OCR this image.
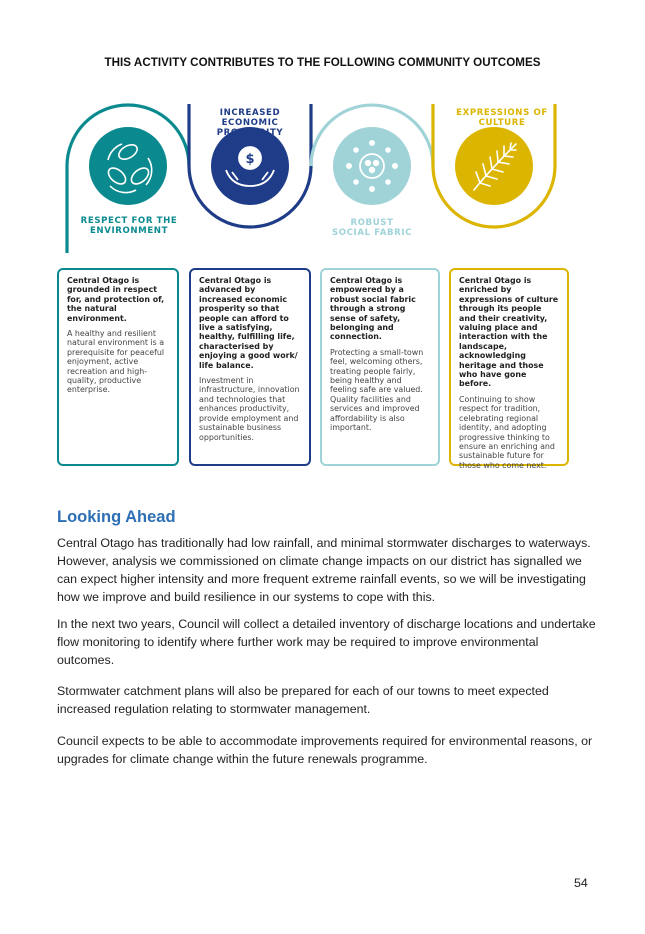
THIS ACTIVITY CONTRIBUTES TO THE FOLLOWING COMMUNITY OUTCOMES
$
RESPECT FOR THE ENVIRONMENT
INCREASED ECONOMIC PROSPERITY
ROBUST SOCIAL FABRIC
EXPRESSIONS OF CULTURE

Central Otago is grounded in respect for, and protection of, the natural environment.

A healthy and resilient natural environment is a prerequisite for peaceful enjoyment, active recreation and high-quality, productive enterprise.

Central Otago is advanced by increased economic prosperity so that people can afford to live a satisfying, healthy, fulfilling life, characterised by enjoying a good work/ life balance.

Investment in infrastructure, innovation and technologies that enhances productivity, provide employment and sustainable business opportunities.

Central Otago is empowered by a robust social fabric through a strong sense of safety, belonging and connection.

Protecting a small-town feel, welcoming others, treating people fairly, being healthy and feeling safe are valued. Quality facilities and services and improved affordability is also important.

Central Otago is enriched by expressions of culture through its people and their creativity, valuing place and interaction with the landscape, acknowledging heritage and those who have gone before.

Continuing to show respect for tradition, celebrating regional identity, and adopting progressive thinking to ensure an enriching and sustainable future for those who come next.

Looking Ahead

Central Otago has traditionally had low rainfall, and minimal stormwater discharges to waterways. However, analysis we commissioned on climate change impacts on our district has signalled we can expect higher intensity and more frequent extreme rainfall events, so we will be investigating how we improve and build resilience in our systems to cope with this.

In the next two years, Council will collect a detailed inventory of discharge locations and undertake flow monitoring to identify where further work may be required to improve environmental outcomes.

Stormwater catchment plans will also be prepared for each of our towns to meet expected increased regulation relating to stormwater management.

Council expects to be able to accommodate improvements required for environmental reasons, or upgrades for climate change within the future renewals programme.

54
